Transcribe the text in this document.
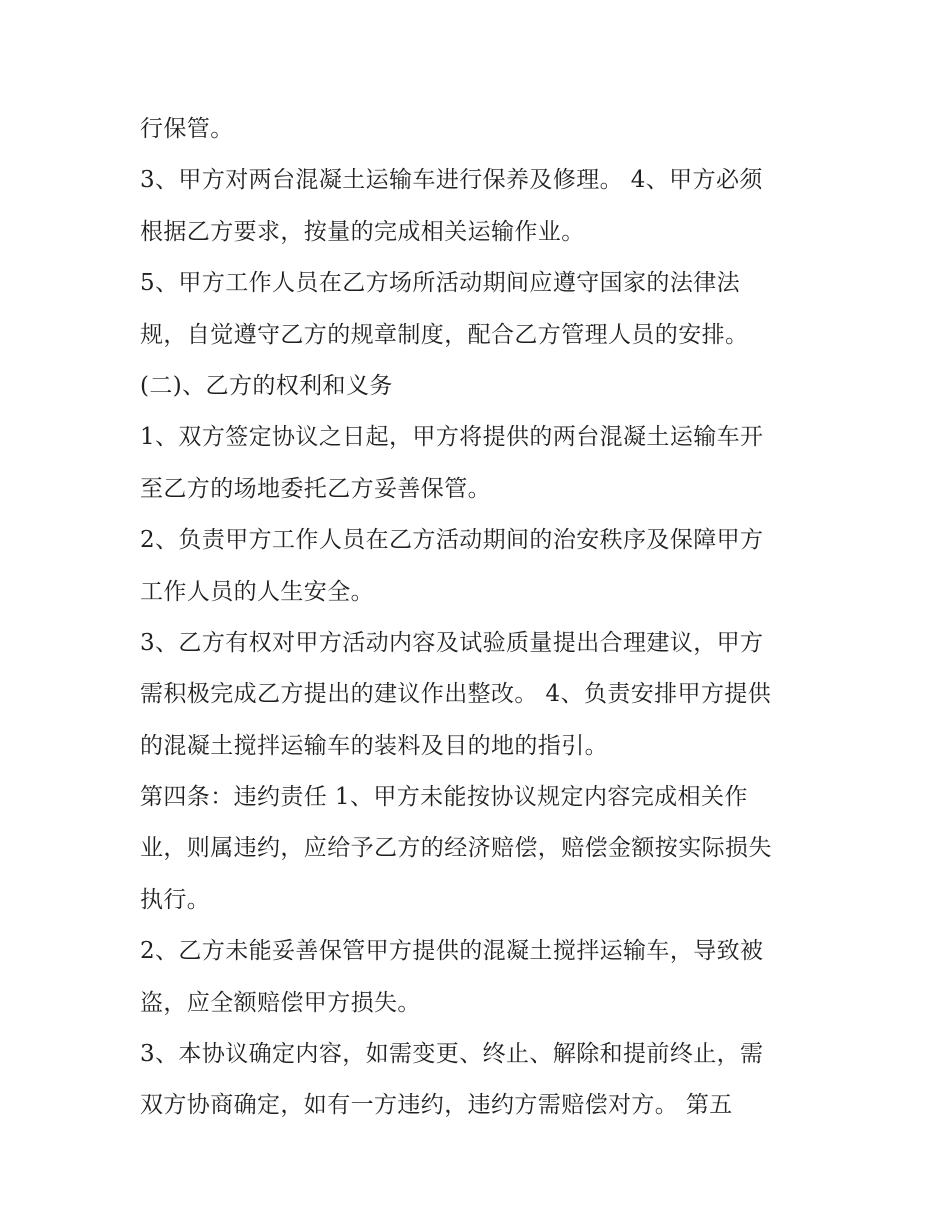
行保管。
3、甲方对两台混凝土运输车进行保养及修理。 4、甲方必须
根据乙方要求，按量的完成相关运输作业。
5、甲方工作人员在乙方场所活动期间应遵守国家的法律法
规，自觉遵守乙方的规章制度，配合乙方管理人员的安排。
(二)、乙方的权利和义务
1、双方签定协议之日起，甲方将提供的两台混凝土运输车开
至乙方的场地委托乙方妥善保管。
2、负责甲方工作人员在乙方活动期间的治安秩序及保障甲方
工作人员的人生安全。
3、乙方有权对甲方活动内容及试验质量提出合理建议，甲方
需积极完成乙方提出的建议作出整改。 4、负责安排甲方提供
的混凝土搅拌运输车的装料及目的地的指引。
第四条：违约责任 1、甲方未能按协议规定内容完成相关作
业，则属违约，应给予乙方的经济赔偿，赔偿金额按实际损失
执行。
2、乙方未能妥善保管甲方提供的混凝土搅拌运输车，导致被
盗，应全额赔偿甲方损失。
3、本协议确定内容，如需变更、终止、解除和提前终止，需
双方协商确定，如有一方违约，违约方需赔偿对方。 第五
